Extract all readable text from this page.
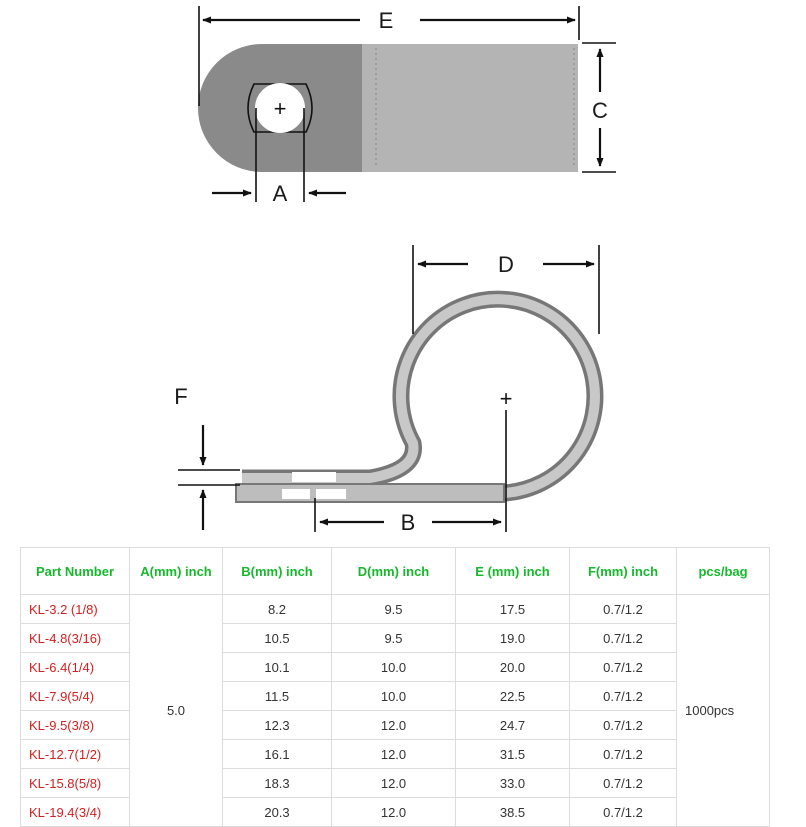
+
E
C
A
+
D
F
B
Part Number	A(mm) inch	B(mm) inch	D(mm) inch	E (mm) inch	F(mm) inch	pcs/bag
KL-3.2 (1/8)	5.0	8.2	9.5	17.5	0.7/1.2	1000pcs
KL-4.8(3/16)		10.5	9.5	19.0	0.7/1.2	
KL-6.4(1/4)		10.1	10.0	20.0	0.7/1.2	
KL-7.9(5/4)		11.5	10.0	22.5	0.7/1.2	
KL-9.5(3/8)		12.3	12.0	24.7	0.7/1.2	
KL-12.7(1/2)		16.1	12.0	31.5	0.7/1.2	
KL-15.8(5/8)		18.3	12.0	33.0	0.7/1.2	
KL-19.4(3/4)		20.3	12.0	38.5	0.7/1.2	
